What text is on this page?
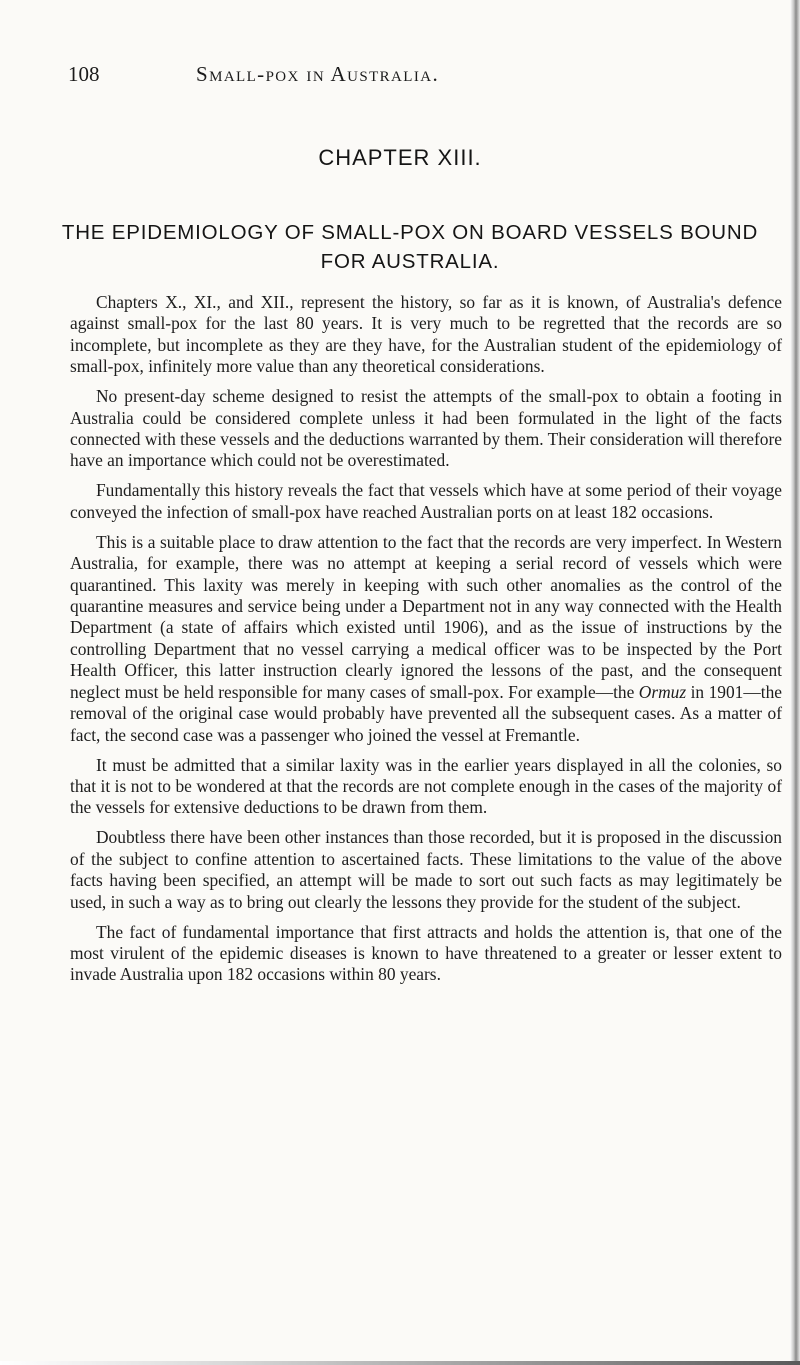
108	Small-pox in Australia.
CHAPTER XIII.
THE EPIDEMIOLOGY OF SMALL-POX ON BOARD VESSELS BOUND FOR AUSTRALIA.

Chapters X., XI., and XII., represent the history, so far as it is known, of Australia's defence against small-pox for the last 80 years. It is very much to be regretted that the records are so incomplete, but incomplete as they are they have, for the Australian student of the epidemiology of small-pox, infinitely more value than any theoretical considerations.

No present-day scheme designed to resist the attempts of the small-pox to obtain a footing in Australia could be considered complete unless it had been formulated in the light of the facts connected with these vessels and the deductions warranted by them. Their consideration will therefore have an importance which could not be overestimated.

Fundamentally this history reveals the fact that vessels which have at some period of their voyage conveyed the infection of small-pox have reached Australian ports on at least 182 occasions.

This is a suitable place to draw attention to the fact that the records are very imperfect. In Western Australia, for example, there was no attempt at keeping a serial record of vessels which were quarantined. This laxity was merely in keeping with such other anomalies as the control of the quarantine measures and service being under a Department not in any way connected with the Health Department (a state of affairs which existed until 1906), and as the issue of instructions by the controlling Department that no vessel carrying a medical officer was to be inspected by the Port Health Officer, this latter instruction clearly ignored the lessons of the past, and the consequent neglect must be held responsible for many cases of small-pox. For example—the Ormuz in 1901—the removal of the original case would probably have prevented all the subsequent cases. As a matter of fact, the second case was a passenger who joined the vessel at Fremantle.

It must be admitted that a similar laxity was in the earlier years displayed in all the colonies, so that it is not to be wondered at that the records are not complete enough in the cases of the majority of the vessels for extensive deductions to be drawn from them.

Doubtless there have been other instances than those recorded, but it is proposed in the discussion of the subject to confine attention to ascertained facts. These limitations to the value of the above facts having been specified, an attempt will be made to sort out such facts as may legitimately be used, in such a way as to bring out clearly the lessons they provide for the student of the subject.

The fact of fundamental importance that first attracts and holds the attention is, that one of the most virulent of the epidemic diseases is known to have threatened to a greater or lesser extent to invade Australia upon 182 occasions within 80 years.
